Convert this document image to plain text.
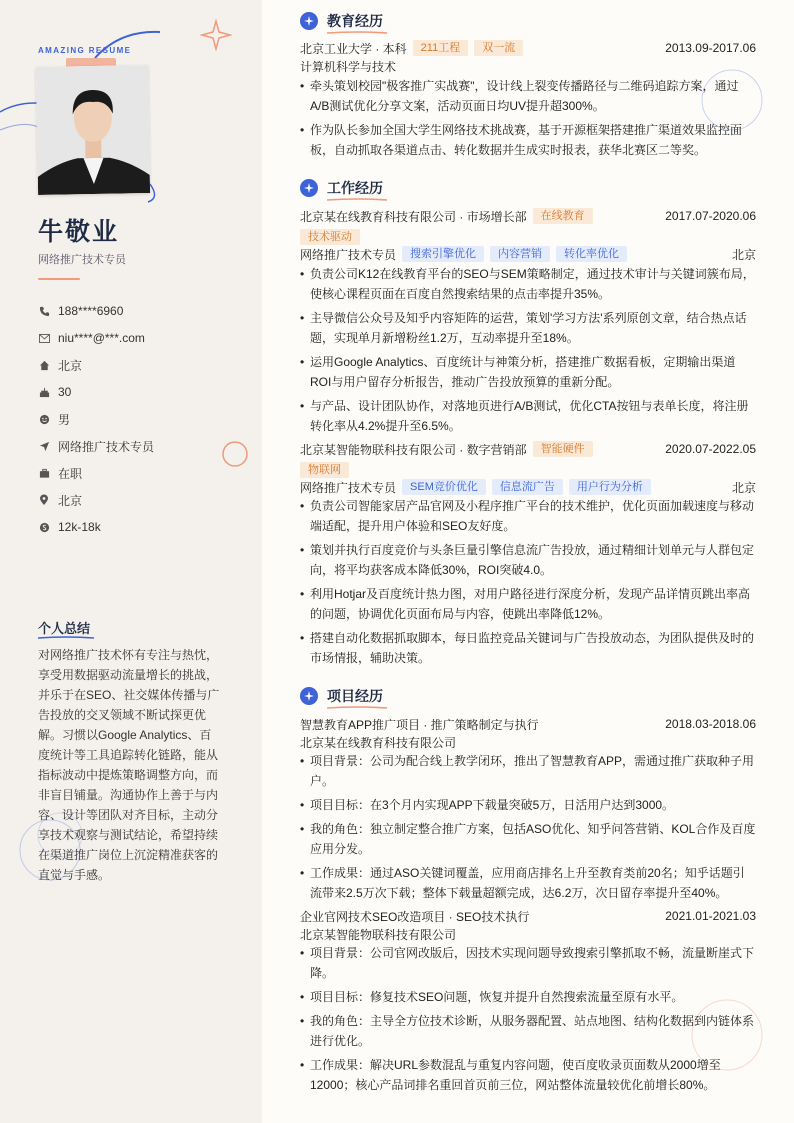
AMAZING RESUME
牛敬业
网络推广技术专员
188****6960
niu****@***.com
北京
30
男
网络推广技术专员
在职
北京
12k-18k
个人总结

对网络推广技术怀有专注与热忱，享受用数据驱动流量增长的挑战，并乐于在SEO、社交媒体传播与广告投放的交叉领域不断试探更优解。习惯以Google Analytics、百度统计等工具追踪转化链路，能从指标波动中提炼策略调整方向，而非盲目铺量。沟通协作上善于与内容、设计等团队对齐目标，主动分享技术观察与测试结论，希望持续在渠道推广岗位上沉淀精准获客的直觉与手感。

教育经历
北京工业大学 · 本科	211工程	双一流	2013.09-2017.06
计算机科学与技术
• 牵头策划校园"极客推广实战赛"，设计线上裂变传播路径与二维码追踪方案，通过A/B测试优化分享文案，活动页面日均UV提升超300%。
• 作为队长参加全国大学生网络技术挑战赛，基于开源框架搭建推广渠道效果监控面板，自动抓取各渠道点击、转化数据并生成实时报表，获华北赛区二等奖。
工作经历
北京某在线教育科技有限公司 · 市场增长部	在线教育	2017.07-2020.06
技术驱动
网络推广技术专员	搜索引擎优化	内容营销	转化率优化	北京
• 负责公司K12在线教育平台的SEO与SEM策略制定，通过技术审计与关键词簇布局，使核心课程页面在百度自然搜索结果的点击率提升35%。
• 主导微信公众号及知乎内容矩阵的运营，策划'学习方法'系列原创文章，结合热点话题，实现单月新增粉丝1.2万，互动率提升至18%。
• 运用Google Analytics、百度统计与神策分析，搭建推广数据看板，定期输出渠道ROI与用户留存分析报告，推动广告投放预算的重新分配。
• 与产品、设计团队协作，对落地页进行A/B测试，优化CTA按钮与表单长度，将注册转化率从4.2%提升至6.5%。
北京某智能物联科技有限公司 · 数字营销部	智能硬件	2020.07-2022.05
物联网
网络推广技术专员	SEM竞价优化	信息流广告	用户行为分析	北京
• 负责公司智能家居产品官网及小程序推广平台的技术维护，优化页面加载速度与移动端适配，提升用户体验和SEO友好度。
• 策划并执行百度竞价与头条巨量引擎信息流广告投放，通过精细计划单元与人群包定向，将平均获客成本降低30%，ROI突破4.0。
• 利用Hotjar及百度统计热力图，对用户路径进行深度分析，发现产品详情页跳出率高的问题，协调优化页面布局与内容，使跳出率降低12%。
• 搭建自动化数据抓取脚本，每日监控竞品关键词与广告投放动态，为团队提供及时的市场情报，辅助决策。
项目经历
智慧教育APP推广项目 · 推广策略制定与执行	2018.03-2018.06
北京某在线教育科技有限公司
• 项目背景：公司为配合线上教学闭环，推出了智慧教育APP，需通过推广获取种子用户。
• 项目目标：在3个月内实现APP下载量突破5万，日活用户达到3000。
• 我的角色：独立制定整合推广方案，包括ASO优化、知乎问答营销、KOL合作及百度应用分发。
• 工作成果：通过ASO关键词覆盖，应用商店排名上升至教育类前20名；知乎话题引流带来2.5万次下载；整体下载量超额完成，达6.2万，次日留存率提升至40%。
企业官网技术SEO改造项目 · SEO技术执行	2021.01-2021.03
北京某智能物联科技有限公司
• 项目背景：公司官网改版后，因技术实现问题导致搜索引擎抓取不畅，流量断崖式下降。
• 项目目标：修复技术SEO问题，恢复并提升自然搜索流量至原有水平。
• 我的角色：主导全方位技术诊断，从服务器配置、站点地图、结构化数据到内链体系进行优化。
• 工作成果：解决URL参数混乱与重复内容问题，使百度收录页面数从2000增至12000；核心产品词排名重回首页前三位，网站整体流量较优化前增长80%。
